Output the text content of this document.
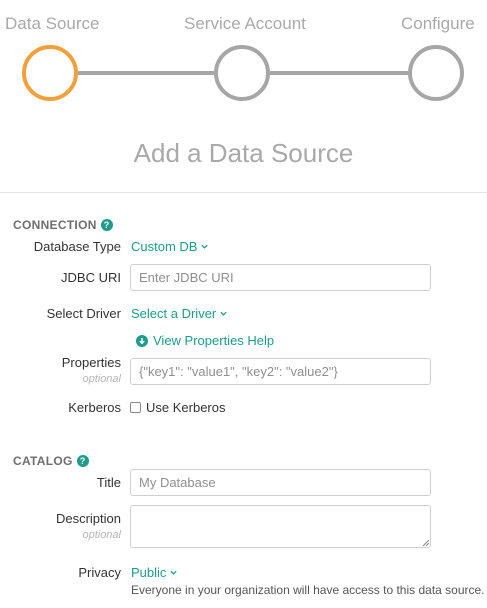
Data Source	Service Account	Configure
Add a Data Source
CONNECTION ?
Database Type Custom DB
JDBC URI
Enter JDBC URI
Select Driver Select a Driver
View Properties Help
Properties
optional
{"key1": "value1", "key2": "value2"}
Kerberos Use Kerberos
CATALOG ?
Title
My Database
Description
optional
Privacy Public
Everyone in your organization will have access to this data source.
